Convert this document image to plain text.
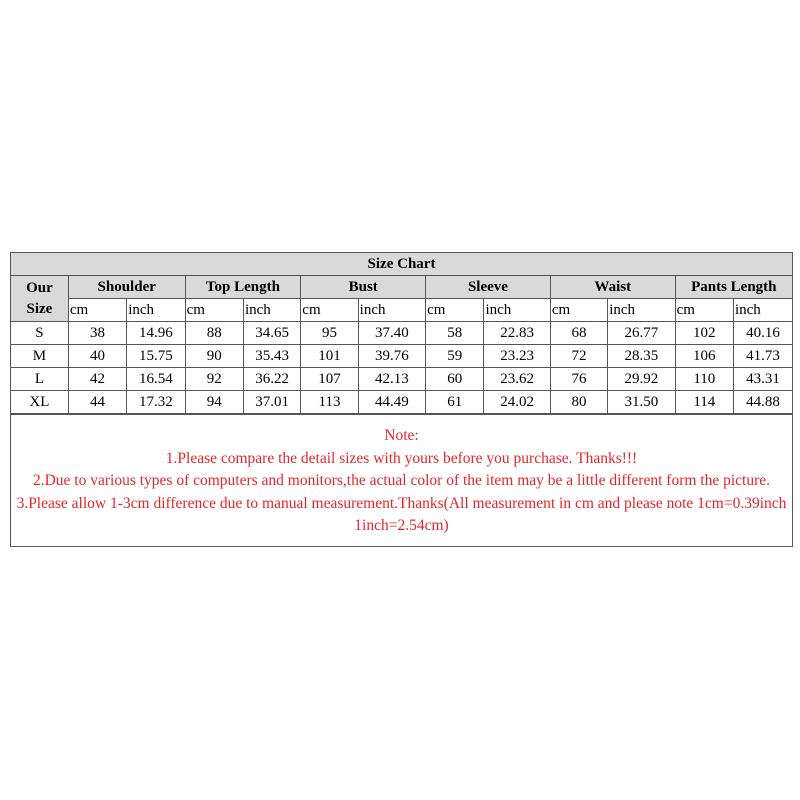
Size Chart												

Our
Size	Shoulder		Top Length		Bust		Sleeve		Waist		Pants Length	
	cm	inch	cm	inch	cm	inch	cm	inch	cm	inch	cm	inch
S	38	14.96	88	34.65	95	37.40	58	22.83	68	26.77	102	40.16
M	40	15.75	90	35.43	101	39.76	59	23.23	72	28.35	106	41.73
L	42	16.54	92	36.22	107	42.13	60	23.62	76	29.92	110	43.31
XL	44	17.32	94	37.01	113	44.49	61	24.02	80	31.50	114	44.88
Note:
1.Please compare the detail sizes with yours before you purchase. Thanks!!!
2.Due to various types of computers and monitors,the actual color of the item may be a little different form the picture.
3.Please allow 1-3cm difference due to manual measurement.Thanks(All measurement in cm and please note 1cm=0.39inch 1inch=2.54cm)
